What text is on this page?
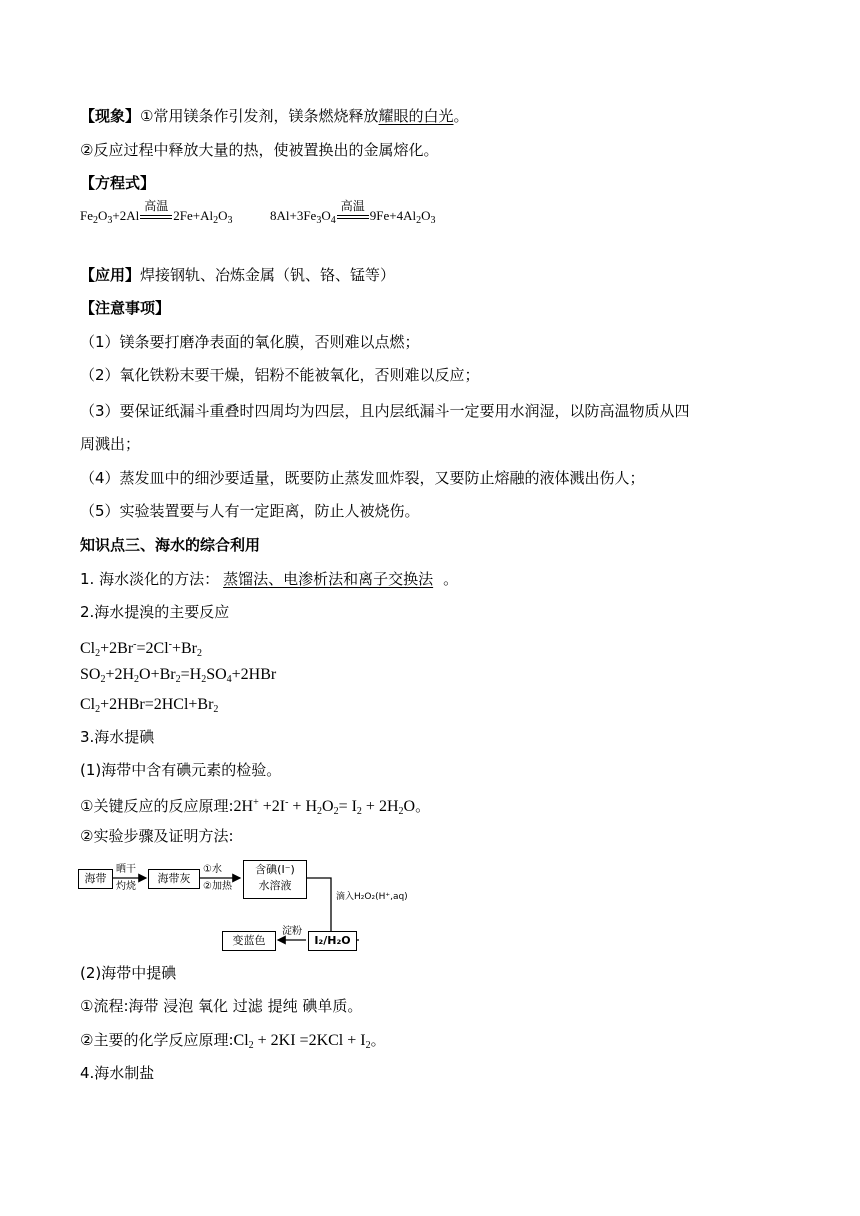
【现象】①常用镁条作引发剂，镁条燃烧释放耀眼的白光。
②反应过程中释放大量的热，使被置换出的金属熔化。
【方程式】
$Fe_2O_3+2Al$
高温
$2Fe+Al_2O_3$	$8Al+3Fe_3O_4$
高温
$9Fe+4Al_2O_3$
【应用】焊接钢轨、冶炼金属（钒、铬、锰等）
【注意事项】
（1）镁条要打磨净表面的氧化膜，否则难以点燃；
（2）氧化铁粉末要干燥，铝粉不能被氧化，否则难以反应；
（3）要保证纸漏斗重叠时四周均为四层，且内层纸漏斗一定要用水润湿，以防高温物质从四
周溅出；
（4）蒸发皿中的细沙要适量，既要防止蒸发皿炸裂，又要防止熔融的液体溅出伤人；
（5）实验装置要与人有一定距离，防止人被烧伤。
知识点三、海水的综合利用
1. 海水淡化的方法： 蒸馏法、电渗析法和离子交换法 。
2.海水提溴的主要反应
$Cl_2+2Br^-=2Cl^-+Br_2$
$SO_2+2H_2O+Br_2=H_2SO_4+2HBr$
$Cl_2+2HBr=2HCl+Br_2$
3.海水提碘
(1)海带中含有碘元素的检验。
①关键反应的反应原理:2H+ $+2I^- + H_2O_2= I_2 + 2H_2O$。
②实验步骤及证明方法:
海带
晒干
灼烧
海带灰
①水
②加热
含碘(I⁻)
水溶液
滴入H₂O₂(H⁺,aq)
I₂/H₂O
淀粉
变蓝色
(2)海带中提碘
①流程:海带 浸泡 氧化 过滤 提纯 碘单质。
②主要的化学反应原理$:Cl_2 + 2KI =2KCl + I_2$。
4.海水制盐
